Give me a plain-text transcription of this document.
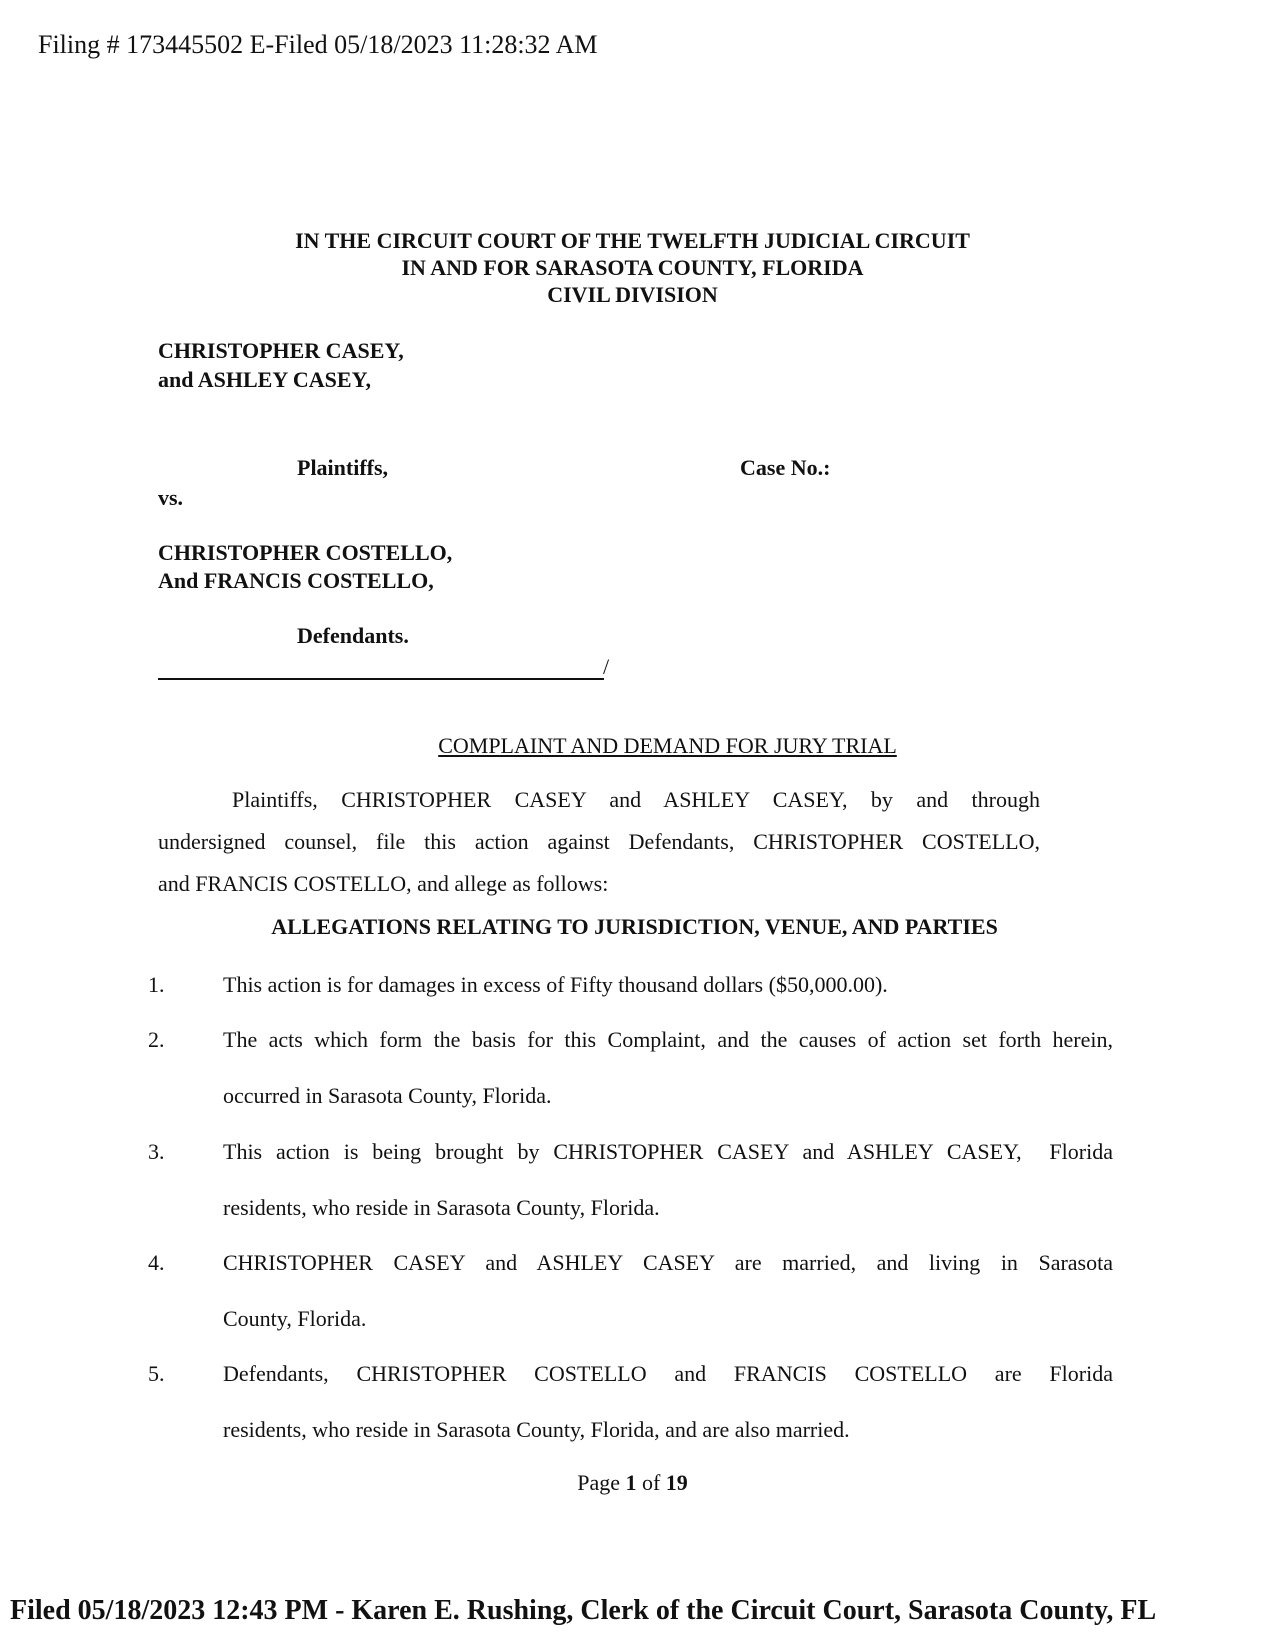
Filing # 173445502 E-Filed 05/18/2023 11:28:32 AM
IN THE CIRCUIT COURT OF THE TWELFTH JUDICIAL CIRCUIT
IN AND FOR SARASOTA COUNTY, FLORIDA
CIVIL DIVISION
CHRISTOPHER CASEY,
and ASHLEY CASEY,
Plaintiffs,	Case No.:
vs.
CHRISTOPHER COSTELLO,
And FRANCIS COSTELLO,
Defendants.
/
COMPLAINT AND DEMAND FOR JURY TRIAL
Plaintiffs, CHRISTOPHER CASEY and ASHLEY CASEY, by and through
undersigned counsel, file this action against Defendants, CHRISTOPHER COSTELLO,
and FRANCIS COSTELLO, and allege as follows:
ALLEGATIONS RELATING TO JURISDICTION, VENUE, AND PARTIES
1.	This action is for damages in excess of Fifty thousand dollars ($50,000.00).
2.	The acts which form the basis for this Complaint, and the causes of action set forth herein,
occurred in Sarasota County, Florida.
3.	This action is being brought by CHRISTOPHER CASEY and ASHLEY CASEY,  Florida
residents, who reside in Sarasota County, Florida.
4.	CHRISTOPHER CASEY and ASHLEY CASEY are married, and living in Sarasota
County, Florida.
5.	Defendants, CHRISTOPHER COSTELLO and FRANCIS COSTELLO are Florida
residents, who reside in Sarasota County, Florida, and are also married.
Page 1 of 19
Filed 05/18/2023 12:43 PM - Karen E. Rushing, Clerk of the Circuit Court, Sarasota County, FL
